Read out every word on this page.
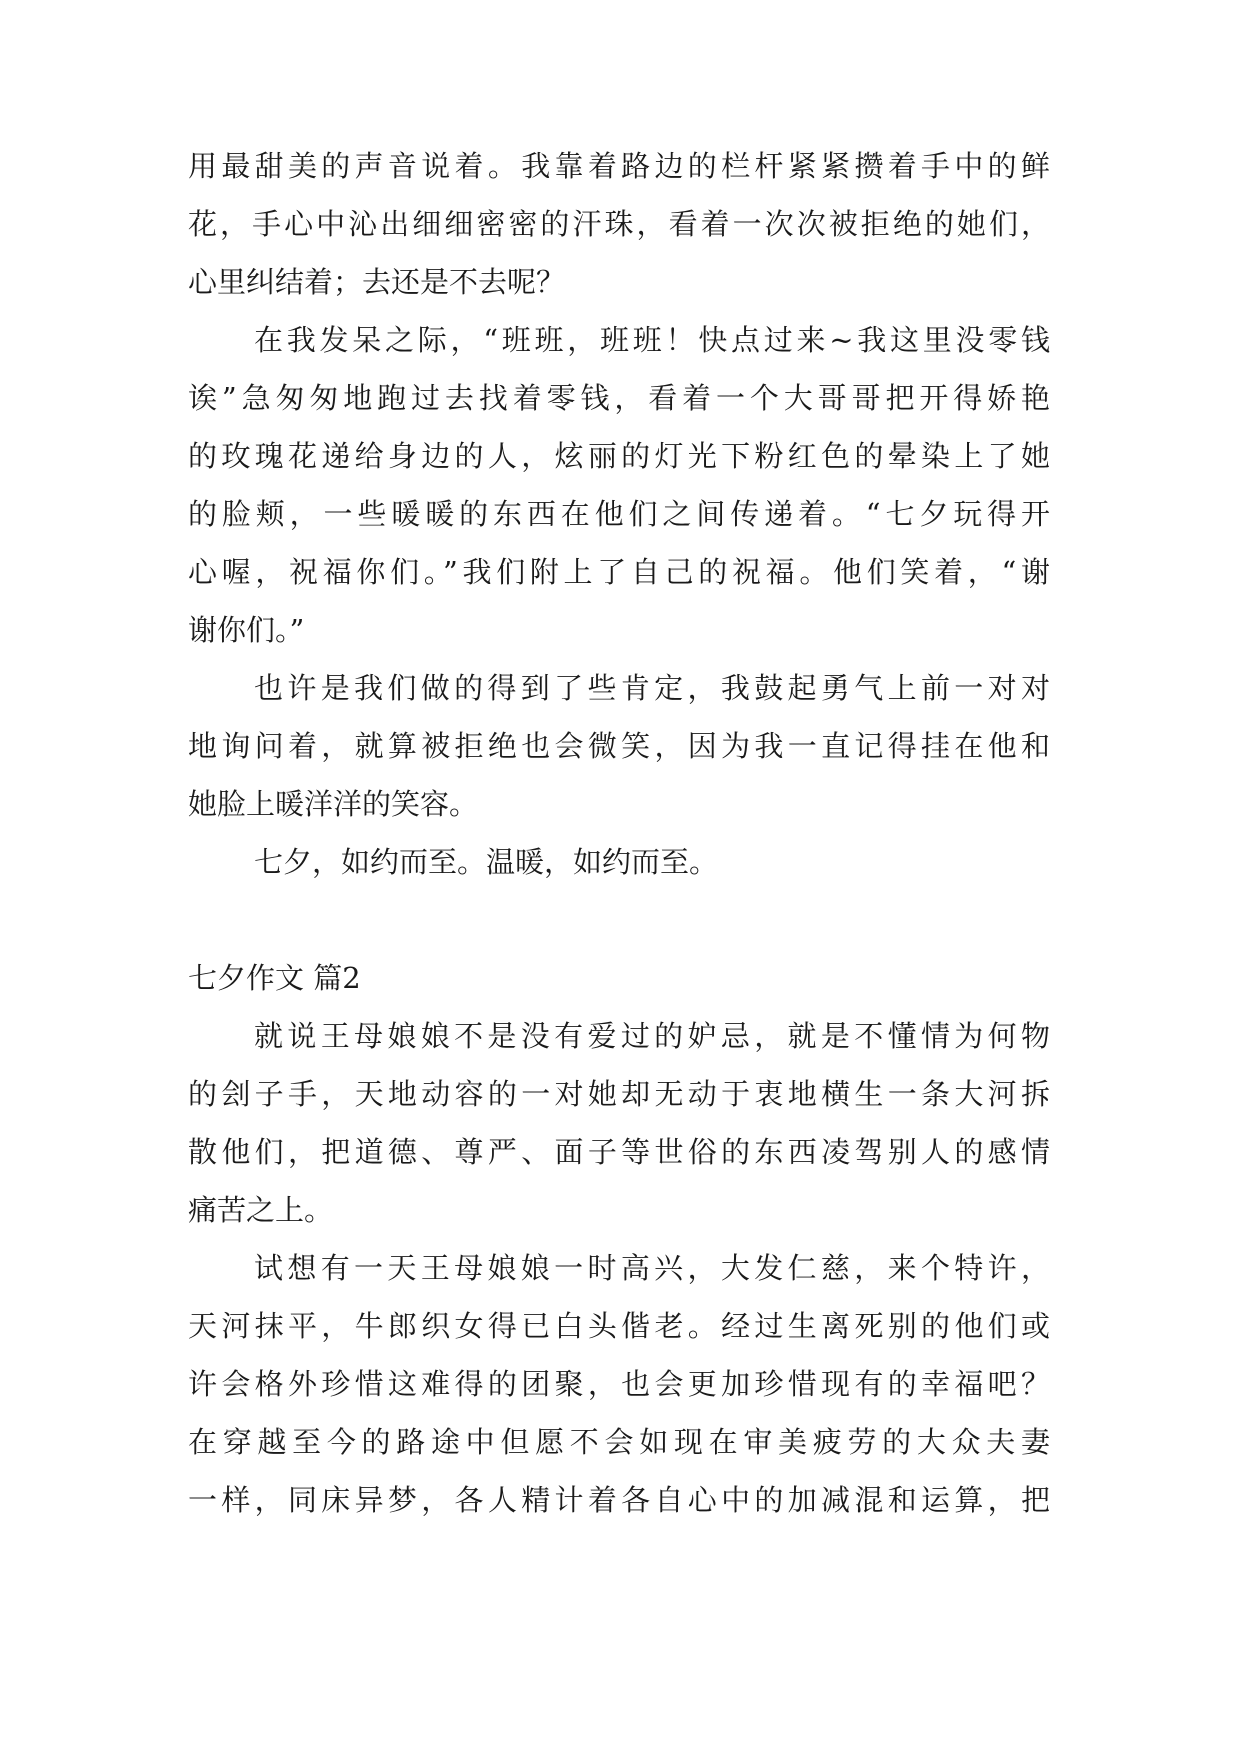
用最甜美的声音说着。我靠着路边的栏杆紧紧攒着手中的鲜

花，手心中沁出细细密密的汗珠，看着一次次被拒绝的她们，

心里纠结着；去还是不去呢？

在我发呆之际，“班班，班班！快点过来~我这里没零钱

诶”急匆匆地跑过去找着零钱，看着一个大哥哥把开得娇艳

的玫瑰花递给身边的人，炫丽的灯光下粉红色的晕染上了她

的脸颊，一些暖暖的东西在他们之间传递着。“七夕玩得开

心喔，祝福你们。”我们附上了自己的祝福。他们笑着，“谢

谢你们。”

也许是我们做的得到了些肯定，我鼓起勇气上前一对对

地询问着，就算被拒绝也会微笑，因为我一直记得挂在他和

她脸上暖洋洋的笑容。

七夕，如约而至。温暖，如约而至。

七夕作文 篇2

就说王母娘娘不是没有爱过的妒忌，就是不懂情为何物

的刽子手，天地动容的一对她却无动于衷地横生一条大河拆

散他们，把道德、尊严、面子等世俗的东西凌驾别人的感情

痛苦之上。

试想有一天王母娘娘一时高兴，大发仁慈，来个特许，

天河抹平，牛郎织女得已白头偕老。经过生离死别的他们或

许会格外珍惜这难得的团聚，也会更加珍惜现有的幸福吧？

在穿越至今的路途中但愿不会如现在审美疲劳的大众夫妻

一样，同床异梦，各人精计着各自心中的加减混和运算，把
